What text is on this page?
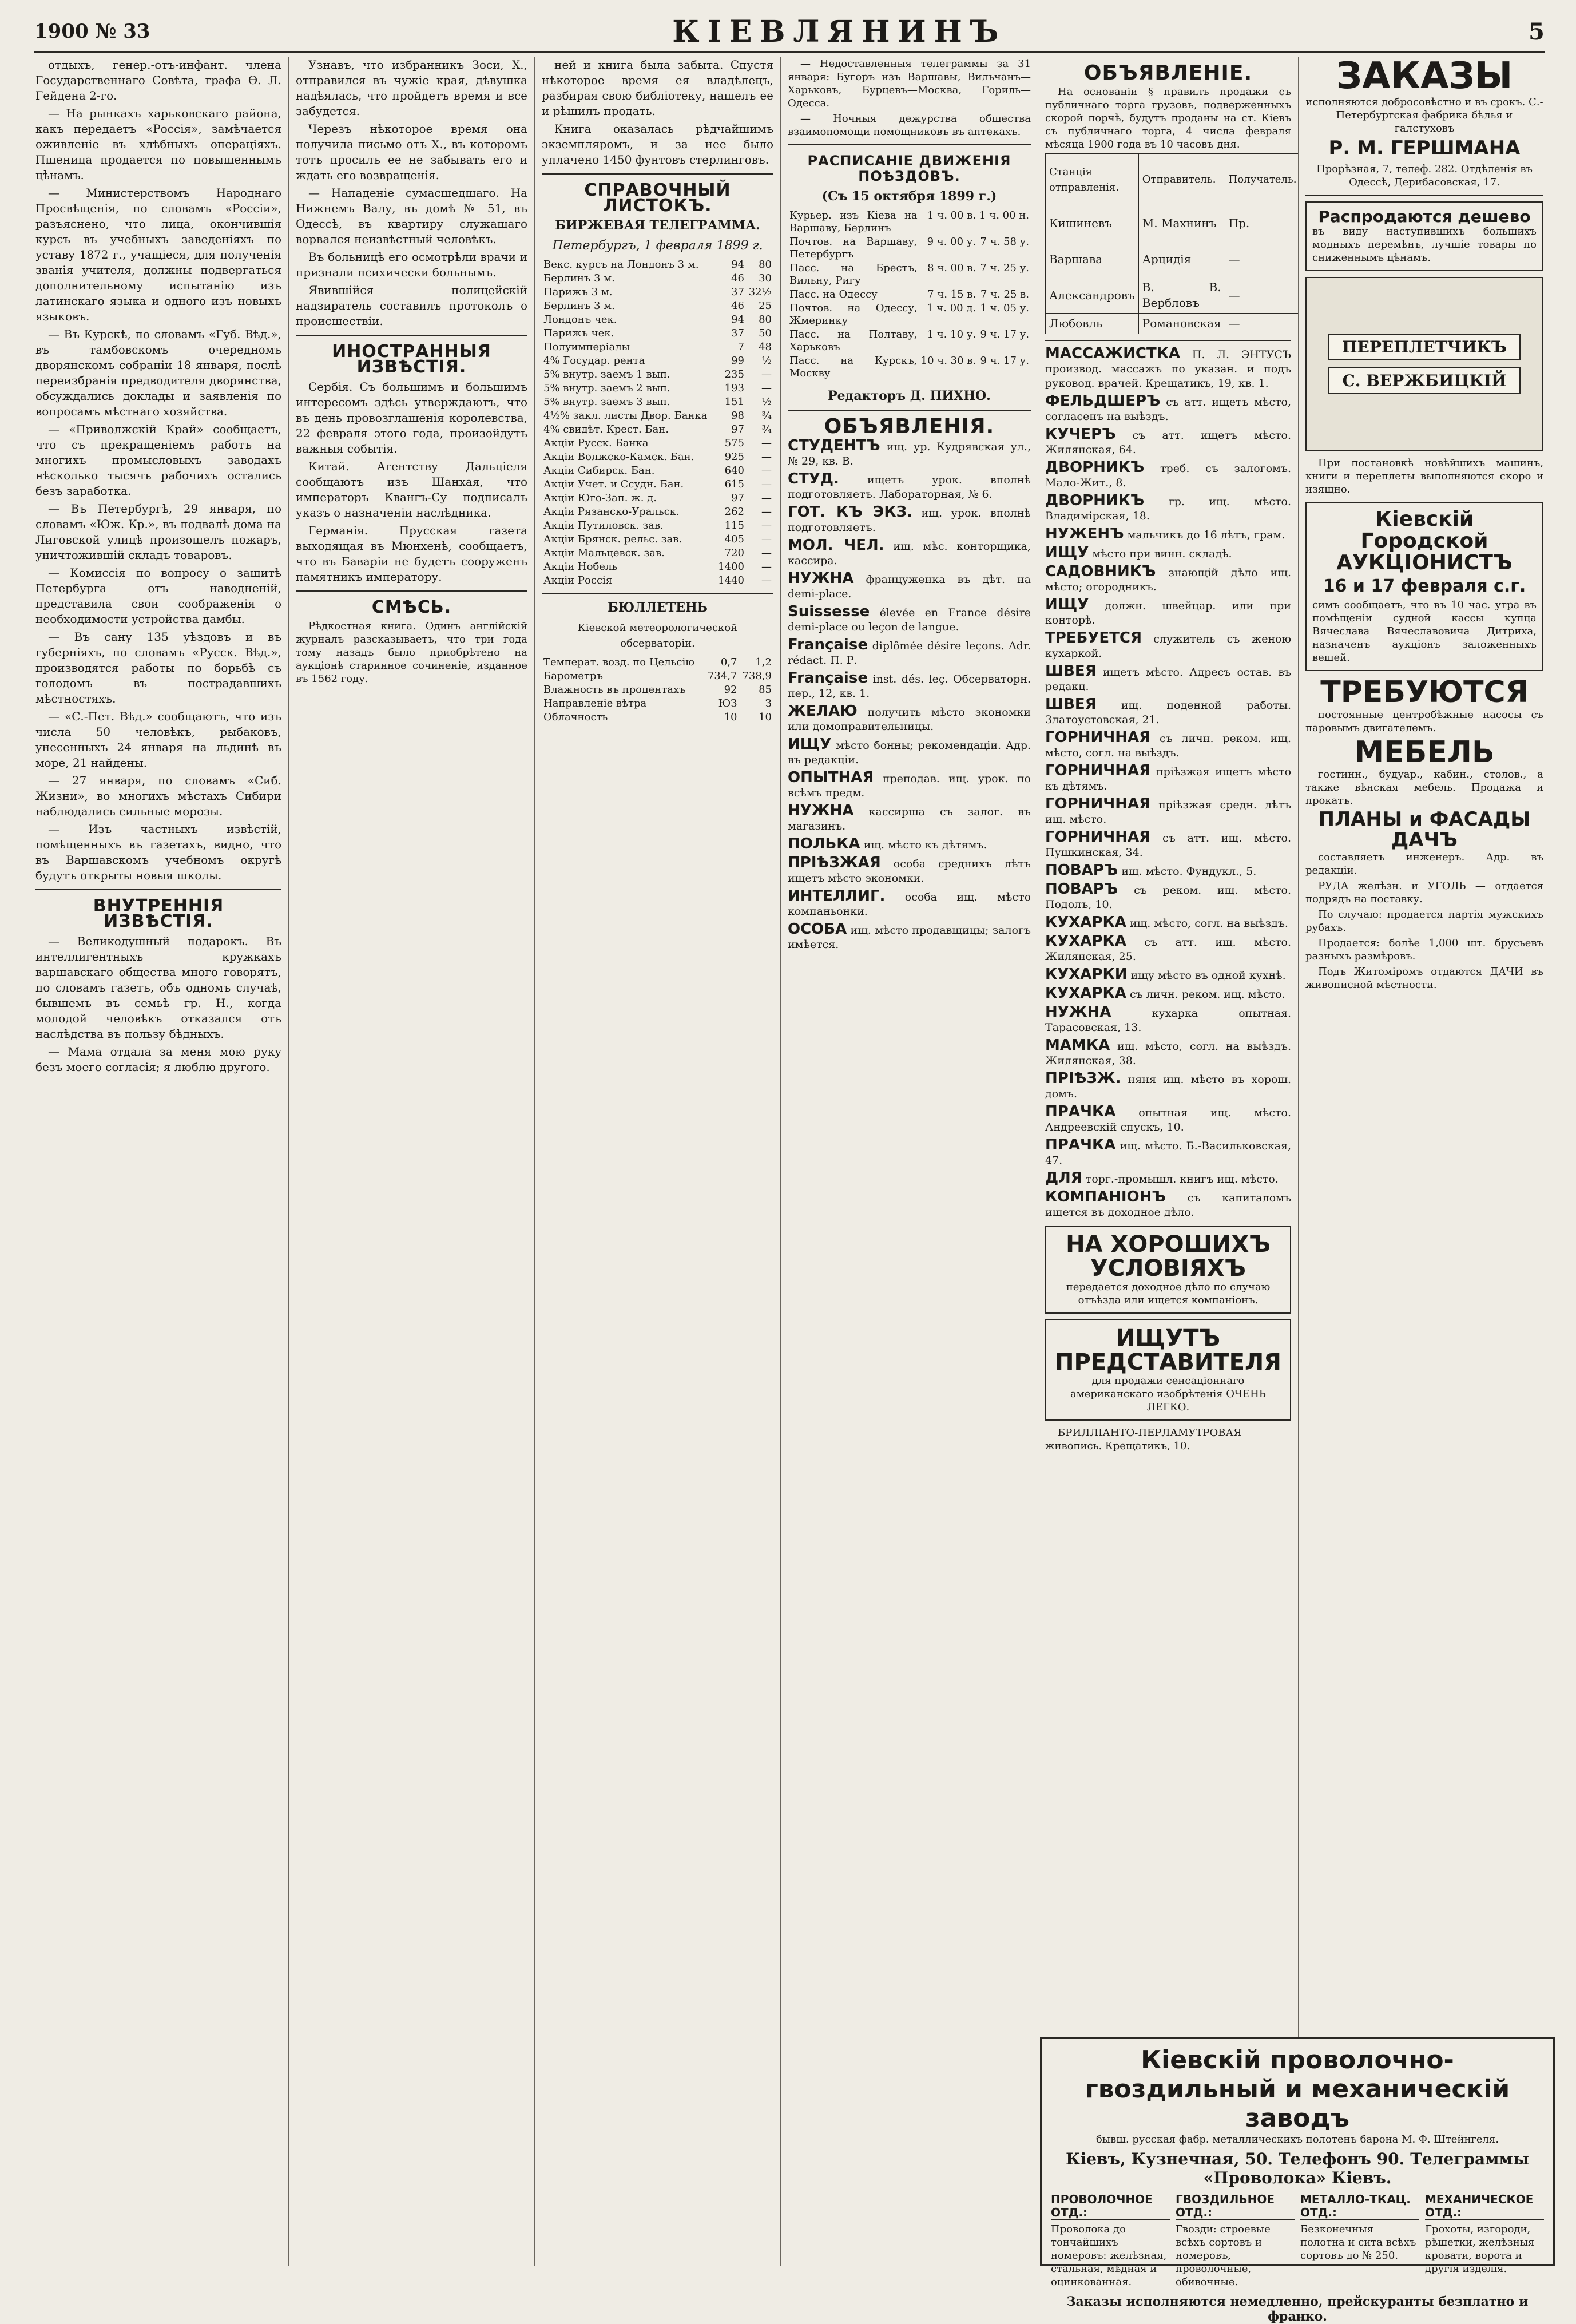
1900 № 33	КІЕВЛЯНИНЪ	5

отдыхъ, генер.-отъ-инфант. члена Государственнаго Совѣта, графа Ѳ. Л. Гейдена 2-го.

— На рынкахъ харьковскаго района, какъ передаетъ «Россія», замѣчается оживленіе въ хлѣбныхъ операціяхъ. Пшеница продается по повышеннымъ цѣнамъ.

— Министерствомъ Народнаго Просвѣщенія, по словамъ «Россіи», разъяснено, что лица, окончившія курсъ въ учебныхъ заведеніяхъ по уставу 1872 г., учащіеся, для полученія званія учителя, должны подвергаться дополнительному испытанію изъ латинскаго языка и одного изъ новыхъ языковъ.

— Въ Курскѣ, по словамъ «Губ. Вѣд.», въ тамбовскомъ очередномъ дворянскомъ собраніи 18 января, послѣ переизбранія предводителя дворянства, обсуждались доклады и заявленія по вопросамъ мѣстнаго хозяйства.

— «Приволжскій Край» сообщаетъ, что съ прекращеніемъ работъ на многихъ промысловыхъ заводахъ нѣсколько тысячъ рабочихъ остались безъ заработка.

— Въ Петербургѣ, 29 января, по словамъ «Юж. Кр.», въ подвалѣ дома на Лиговской улицѣ произошелъ пожаръ, уничтожившій складъ товаровъ.

— Комиссія по вопросу о защитѣ Петербурга отъ наводненій, представила свои соображенія о необходимости устройства дамбы.

— Въ сану 135 уѣздовъ и въ губерніяхъ, по словамъ «Русск. Вѣд.», производятся работы по борьбѣ съ голодомъ въ пострадавшихъ мѣстностяхъ.

— «С.-Пет. Вѣд.» сообщаютъ, что изъ числа 50 человѣкъ, рыбаковъ, унесенныхъ 24 января на льдинѣ въ море, 21 найдены.

— 27 января, по словамъ «Сиб. Жизни», во многихъ мѣстахъ Сибири наблюдались сильные морозы.

— Изъ частныхъ извѣстій, помѣщенныхъ въ газетахъ, видно, что въ Варшавскомъ учебномъ округѣ будутъ открыты новыя школы.

ВНУТРЕННІЯ ИЗВѢСТІЯ.

— Великодушный подарокъ. Въ интеллигентныхъ кружкахъ варшавскаго общества много говорятъ, по словамъ газетъ, объ одномъ случаѣ, бывшемъ въ семьѣ гр. Н., когда молодой человѣкъ отказался отъ наслѣдства въ пользу бѣдныхъ.

— Мама отдала за меня мою руку безъ моего согласія; я люблю другого.

Узнавъ, что избранникъ Зоси, Х., отправился въ чужіе края, дѣвушка надѣялась, что пройдетъ время и все забудется.

Черезъ нѣкоторое время она получила письмо отъ Х., въ которомъ тотъ просилъ ее не забывать его и ждать его возвращенія.

— Нападеніе сумасшедшаго. На Нижнемъ Валу, въ домѣ № 51, въ Одессѣ, въ квартиру служащаго ворвался неизвѣстный человѣкъ.

Въ больницѣ его осмотрѣли врачи и признали психически больнымъ.

Явившійся полицейскій надзиратель составилъ протоколъ о происшествіи.

ИНОСТРАННЫЯ ИЗВѢСТІЯ.

Сербія. Съ большимъ и большимъ интересомъ здѣсь утверждаютъ, что въ день провозглашенія королевства, 22 февраля этого года, произойдутъ важныя событія.

Китай. Агентству Дальціеля сообщаютъ изъ Шанхая, что императоръ Квангъ-Су подписалъ указъ о назначеніи наслѣдника.

Германія. Прусская газета выходящая въ Мюнхенѣ, сообщаетъ, что въ Баваріи не будетъ сооруженъ памятникъ императору.

СМѢСЬ.

Рѣдкостная книга. Одинъ англійскій журналъ разсказываетъ, что три года тому назадъ было приобрѣтено на аукціонѣ старинное сочиненіе, изданное въ 1562 году.

ней и книга была забыта. Спустя нѣкоторое время ея владѣлецъ, разбирая свою библіотеку, нашелъ ее и рѣшилъ продать.

Книга оказалась рѣдчайшимъ экземпляромъ, и за нее было уплачено 1450 фунтовъ стерлинговъ.

СПРАВОЧНЫЙ ЛИСТОКЪ.
БИРЖЕВАЯ ТЕЛЕГРАММА.
Петербургъ, 1 февраля 1899 г.
Векс. курсъ на Лондонъ 3 м.	94	80
Берлинъ 3 м.	46	30
Парижъ 3 м.	37	32½
Берлинъ 3 м.	46	25
Лондонъ чек.	94	80
Парижъ чек.	37	50
Полуимперіалы	7	48
4% Государ. рента	99	½
5% внутр. заемъ 1 вып.	235	—
5% внутр. заемъ 2 вып.	193	—
5% внутр. заемъ 3 вып.	151	½
4½% закл. листы Двор. Банка	98	¾
4% свидѣт. Крест. Бан.	97	¾
Акціи Русск. Банка	575	—
Акціи Волжско-Камск. Бан.	925	—
Акціи Сибирск. Бан.	640	—
Акціи Учет. и Ссудн. Бан.	615	—
Акціи Юго-Зап. ж. д.	97	—
Акціи Рязанско-Уральск.	262	—
Акціи Путиловск. зав.	115	—
Акціи Брянск. рельс. зав.	405	—
Акціи Мальцевск. зав.	720	—
Акціи Нобель	1400	—
Акціи Россія	1440	—
БЮЛЛЕТЕНЬ
Кіевской метеорологической обсерваторіи.
Температ. возд. по Цельсію	0,7	1,2
Барометръ	734,7	738,9
Влажность въ процентахъ	92	85
Направленіе вѣтра	ЮЗ	З
Облачность	10	10

— Недоставленныя телеграммы за 31 января: Бугоръ изъ Варшавы, Вильчанъ—Харьковъ, Бурцевъ—Москва, Гориль—Одесса.

— Ночныя дежурства общества взаимопомощи помощниковъ въ аптекахъ.

РАСПИСАНІЕ ДВИЖЕНІЯ ПОѢЗДОВЪ.
(Съ 15 октября 1899 г.)
Курьер. изъ Кіева на Варшаву, Берлинъ	1 ч. 00 в.	1 ч. 00 н.
Почтов. на Варшаву, Петербургъ	9 ч. 00 у.	7 ч. 58 у.
Пасс. на Брестъ, Вильну, Ригу	8 ч. 00 в.	7 ч. 25 у.
Пасс. на Одессу	7 ч. 15 в.	7 ч. 25 в.
Почтов. на Одессу, Жмеринку	1 ч. 00 д.	1 ч. 05 у.
Пасс. на Полтаву, Харьковъ	1 ч. 10 у.	9 ч. 17 у.
Пасс. на Курскъ, Москву	10 ч. 30 в.	9 ч. 17 у.
Редакторъ Д. ПИХНО.
ОБЪЯВЛЕНІЯ.
СТУДЕНТЪ ищ. ур. Кудрявская ул., № 29, кв. В.
СТУД.	ищетъ урок. вполнѣ подготовляетъ. Лабораторная, № 6.
ГОТ. КЪ ЭКЗ. ищ. урок. вполнѣ подготовляетъ.
МОЛ. ЧЕЛ. ищ. мѣс. конторщика, кассира.
НУЖНА француженка въ дѣт. на demi-place.
Suissesse élevée en France désire demi-place ou leçon de langue.
Française diplômée désire leçons. Adr. rédact. П. Р.
Française inst. dés. leç. Обсерваторн. пер., 12, кв. 1.
ЖЕЛАЮ получить мѣсто экономки или домоправительницы.
ИЩУ мѣсто бонны; рекомендаціи. Адр. въ редакціи.
ОПЫТНАЯ преподав. ищ. урок. по всѣмъ предм.
НУЖНА кассирша съ залог. въ магазинъ.
ПОЛЬКА ищ. мѣсто къ дѣтямъ.
ПРІѢЗЖАЯ особа среднихъ лѣтъ ищетъ мѣсто экономки.
ИНТЕЛЛИГ. особа ищ. мѣсто компаньонки.
ОСОБА ищ. мѣсто продавщицы; залогъ имѣется.
ОБЪЯВЛЕНІЕ.

На основаніи § правилъ продажи съ публичнаго торга грузовъ, подверженныхъ скорой порчѣ, будутъ проданы на ст. Кіевъ съ публичнаго торга, 4 числа февраля мѣсяца 1900 года въ 10 часовъ дня.

Станція отправленія.	Отправитель.	Получатель.				
Кишиневъ	М. Махнинъ	Пр.				
Варшава	Арцидія	—				
Александровъ	В. В. Вербловъ	—				
Любовль	Романовская	—				
МАССАЖИСТКА П. Л. ЭНТУСЪ производ. массажъ по указан. и подъ руковод. врачей. Крещатикъ, 19, кв. 1.
ФЕЛЬДШЕРЪ съ атт. ищетъ мѣсто, согласенъ на выѣздъ.
КУЧЕРЪ съ атт. ищетъ мѣсто. Жилянская, 64.
ДВОРНИКЪ треб. съ залогомъ. Мало-Жит., 8.
ДВОРНИКЪ гр. ищ. мѣсто. Владимірская, 18.
НУЖЕНЪ мальчикъ до 16 лѣтъ, грам.
ИЩУ мѣсто при винн. складѣ.
САДОВНИКЪ знающій дѣло ищ. мѣсто; огородникъ.
ИЩУ должн. швейцар. или при конторѣ.
ТРЕБУЕТСЯ служитель съ женою кухаркой.
ШВЕЯ ищетъ мѣсто. Адресъ остав. въ редакц.
ШВЕЯ ищ. поденной работы. Златоустовская, 21.
ГОРНИЧНАЯ съ личн. реком. ищ. мѣсто, согл. на выѣздъ.
ГОРНИЧНАЯ пріѣзжая ищетъ мѣсто къ дѣтямъ.
ГОРНИЧНАЯ пріѣзжая средн. лѣтъ ищ. мѣсто.
ГОРНИЧНАЯ съ атт. ищ. мѣсто. Пушкинская, 34.
ПОВАРЪ ищ. мѣсто. Фундукл., 5.
ПОВАРЪ съ реком. ищ. мѣсто. Подолъ, 10.
КУХАРКА ищ. мѣсто, согл. на выѣздъ.
КУХАРКА съ атт. ищ. мѣсто. Жилянская, 25.
КУХАРКИ ищу мѣсто въ одной кухнѣ.
КУХАРКА съ личн. реком. ищ. мѣсто.
НУЖНА	кухарка опытная. Тарасовская, 13.
МАМКА ищ. мѣсто, согл. на выѣздъ. Жилянская, 38.
ПРІѢЗЖ. няня ищ. мѣсто въ хорош. домъ.
ПРАЧКА опытная ищ. мѣсто. Андреевскій спускъ, 10.
ПРАЧКА ищ. мѣсто. Б.-Васильковская, 47.
ДЛЯ торг.-промышл. книгъ ищ. мѣсто.
КОМПАНІОНЪ съ капиталомъ ищется въ доходное дѣло.
НА ХОРОШИХЪ УСЛОВІЯХЪ
передается доходное дѣло по случаю отъѣзда или ищется компаніонъ.
ИЩУТЪ ПРЕДСТАВИТЕЛЯ
для продажи сенсаціоннаго американскаго изобрѣтенія ОЧЕНЬ ЛЕГКО.

БРИЛЛІАНТО-ПЕРЛАМУТРОВАЯ живопись. Крещатикъ, 10.

ЗАКАЗЫ
исполняются добросовѣстно и въ срокъ. С.-Петербургская фабрика бѣлья и галстуховъ
Р. М. ГЕРШМАНА
Прорѣзная, 7, телеф. 282. Отдѣленія въ Одессѣ, Дерибасовская, 17.
Распродаются дешево
въ виду наступившихъ большихъ модныхъ перемѣнъ, лучшіе товары по сниженнымъ цѣнамъ.
ПЕРЕПЛЕТЧИКЪ
С. ВЕРЖБИЦКІЙ

При постановкѣ новѣйшихъ машинъ, книги и переплеты выполняются скоро и изящно.

Кіевскій Городской АУКЦІОНИСТЪ
16 и 17 февраля с.г.
симъ сообщаетъ, что въ 10 час. утра въ помѣщеніи судной кассы купца Вячеслава Вячеславовича Дитриха, назначенъ аукціонъ заложенныхъ вещей.
ТРЕБУЮТСЯ

постоянные центробѣжные насосы съ паровымъ двигателемъ.

МЕБЕЛЬ

гостинн., будуар., кабин., столов., а также вѣнская мебель. Продажа и прокатъ.

ПЛАНЫ и ФАСАДЫ ДАЧЪ

составляетъ инженеръ. Адр. въ редакціи.

РУДА желѣзн. и УГОЛЬ — отдается подрядъ на поставку.

По случаю: продается партія мужскихъ рубахъ.

Продается: болѣе 1,000 шт. брусьевъ разныхъ размѣровъ.

Подъ Житоміромъ отдаются ДАЧИ въ живописной мѣстности.

Кіевскій проволочно-гвоздильный и механическій заводъ
бывш. русская фабр. металлическихъ полотенъ барона М. Ф. Штейнгеля.
Кіевъ, Кузнечная, 50. Телефонъ 90. Телеграммы «Проволока» Кіевъ.
ПРОВОЛОЧНОЕ ОТД.:
Проволока до тончайшихъ номеровъ: желѣзная, стальная, мѣдная и оцинкованная.
ГВОЗДИЛЬНОЕ ОТД.:
Гвозди: строевые всѣхъ сортовъ и номеровъ, проволочные, обивочные.
МЕТАЛЛО-ТКАЦ. ОТД.:
Безконечныя полотна и сита всѣхъ сортовъ до № 250.
МЕХАНИЧЕСКОЕ ОТД.:
Грохоты, изгороди, рѣшетки, желѣзныя кровати, ворота и другія изделія.
Заказы исполняются немедленно, прейскуранты безплатно и франко.
